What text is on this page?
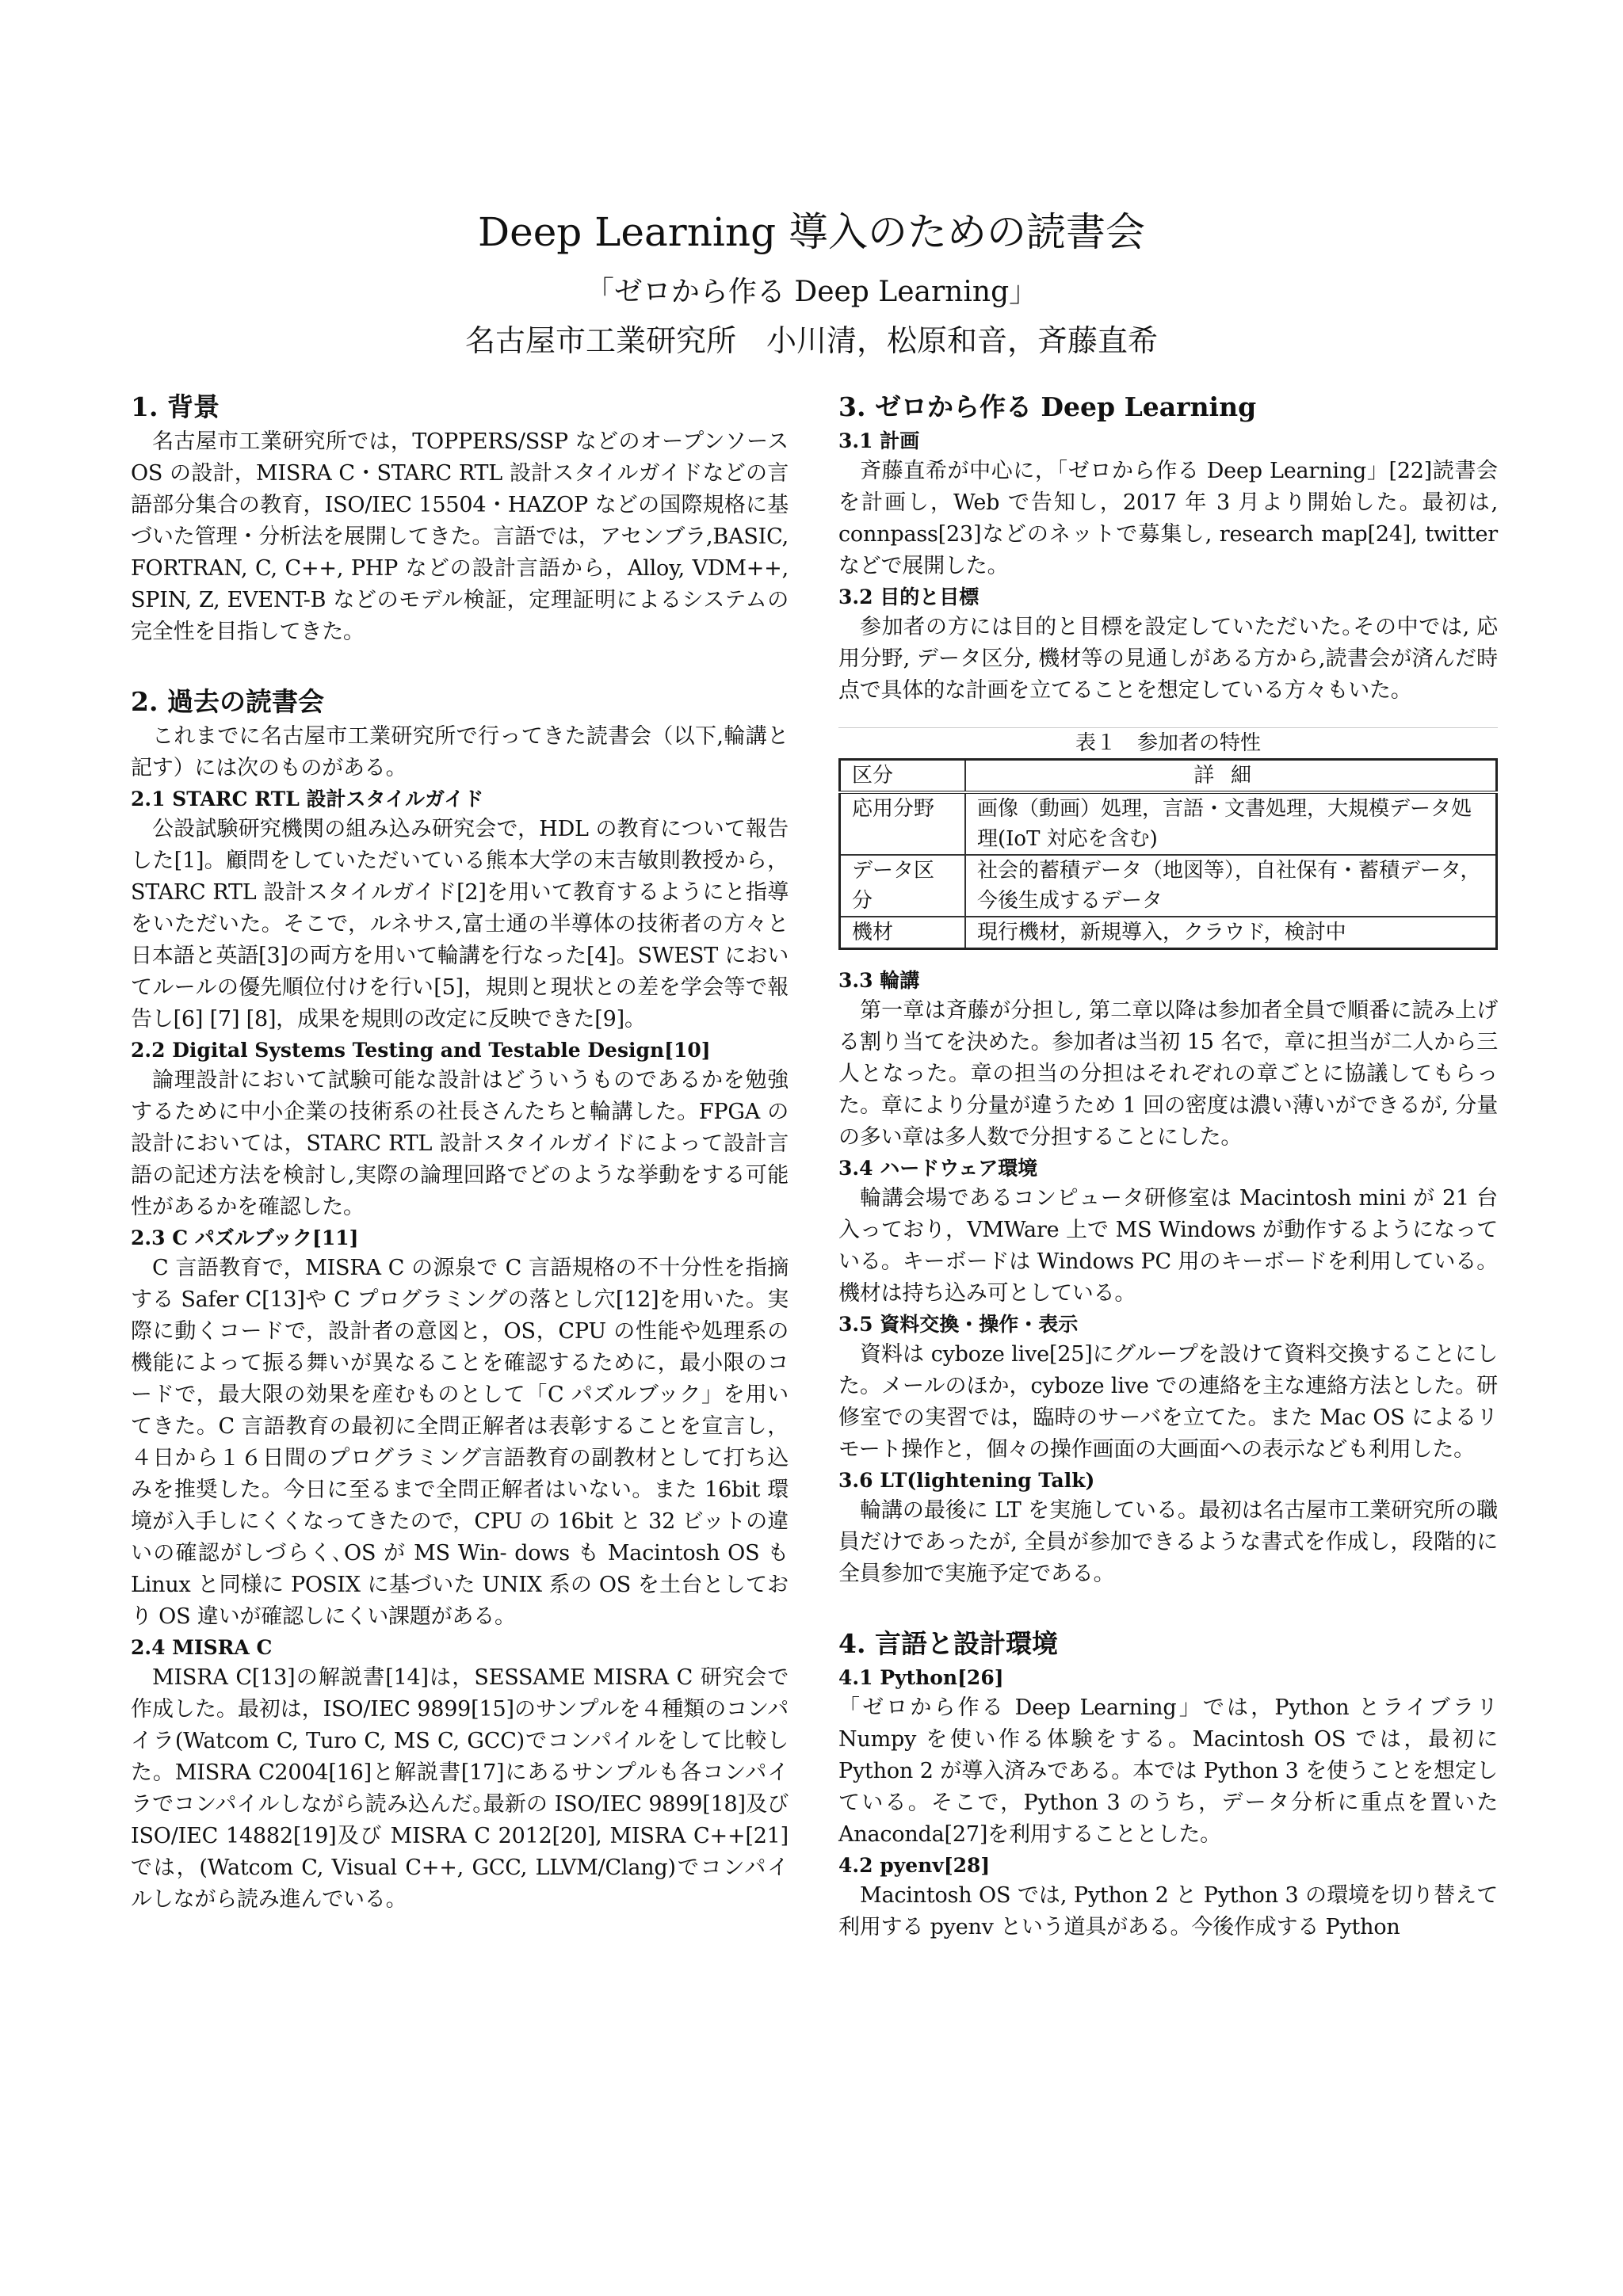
Deep Learning 導入のための読書会
「ゼロから作る Deep Learning」
名古屋市工業研究所　小川清，松原和音，斉藤直希
1. 背景

名古屋市工業研究所では，TOPPERS/SSP などのオープンソース OS の設計，MISRA C・STARC RTL 設計スタイルガイドなどの言語部分集合の教育，ISO/IEC 15504・HAZOP などの国際規格に基づいた管理・分析法を展開してきた。言語では，アセンブラ,BASIC, FORTRAN, C, C++, PHP などの設計言語から，Alloy, VDM++, SPIN, Z, EVENT-B などのモデル検証，定理証明によるシステムの完全性を目指してきた。

2. 過去の読書会

これまでに名古屋市工業研究所で行ってきた読書会（以下,輪講と記す）には次のものがある。

2.1 STARC RTL 設計スタイルガイド

公設試験研究機関の組み込み研究会で，HDL の教育について報告した[1]。顧問をしていただいている熊本大学の末吉敏則教授から，STARC RTL 設計スタイルガイド[2]を用いて教育するようにと指導をいただいた。そこで，ルネサス,富士通の半導体の技術者の方々と日本語と英語[3]の両方を用いて輪講を行なった[4]。SWEST においてルールの優先順位付けを行い[5]，規則と現状との差を学会等で報告し[6] [7] [8]，成果を規則の改定に反映できた[9]。

2.2 Digital Systems Testing and Testable Design[10]

論理設計において試験可能な設計はどういうものであるかを勉強するために中小企業の技術系の社長さんたちと輪講した。FPGA の設計においては，STARC RTL 設計スタイルガイドによって設計言語の記述方法を検討し,実際の論理回路でどのような挙動をする可能性があるかを確認した。

2.3 C パズルブック[11]

C 言語教育で，MISRA C の源泉で C 言語規格の不十分性を指摘する Safer C[13]や C プログラミングの落とし穴[12]を用いた。実際に動くコードで，設計者の意図と，OS，CPU の性能や処理系の機能によって振る舞いが異なることを確認するために，最小限のコードで，最大限の効果を産むものとして「C パズルブック」を用いてきた。C 言語教育の最初に全問正解者は表彰することを宣言し，４日から１６日間のプログラミング言語教育の副教材として打ち込みを推奨した。今日に至るまで全問正解者はいない。また 16bit 環境が入手しにくくなってきたので，CPU の 16bit と 32 ビットの違いの確認がしづらく､OS が MS Win- dows も Macintosh OS も Linux と同様に POSIX に基づいた UNIX 系の OS を土台としており OS 違いが確認しにくい課題がある。

2.4 MISRA C

MISRA C[13]の解説書[14]は，SESSAME MISRA C 研究会で作成した。最初は，ISO/IEC 9899[15]のサンプルを４種類のコンパイラ(Watcom C, Turo C, MS C, GCC)でコンパイルをして比較した。MISRA C2004[16]と解説書[17]にあるサンプルも各コンパイラでコンパイルしながら読み込んだ｡最新の ISO/IEC 9899[18]及び ISO/IEC 14882[19]及び MISRA C 2012[20], MISRA C++[21]では，(Watcom C, Visual C++, GCC, LLVM/Clang)でコンパイルしながら読み進んでいる。

3. ゼロから作る Deep Learning
3.1 計画

斉藤直希が中心に，「ゼロから作る Deep Learning」[22]読書会を計画し，Web で告知し，2017 年 3 月より開始した。最初は, connpass[23]などのネットで募集し, research map[24], twitter などで展開した。

3.2 目的と目標

参加者の方には目的と目標を設定していただいた｡その中では, 応用分野, データ区分, 機材等の見通しがある方から,読書会が済んだ時点で具体的な計画を立てることを想定している方々もいた。

表１　参加者の特性
区分	詳細
応用分野	画像（動画）処理，言語・文書処理，大規模データ処理(IoT 対応を含む)
データ区分	社会的蓄積データ（地図等），自社保有・蓄積データ，今後生成するデータ
機材	現行機材，新規導入，クラウド，検討中
3.3 輪講

第一章は斉藤が分担し, 第二章以降は参加者全員で順番に読み上げる割り当てを決めた。参加者は当初 15 名で，章に担当が二人から三人となった。章の担当の分担はそれぞれの章ごとに協議してもらった。章により分量が違うため 1 回の密度は濃い薄いができるが, 分量の多い章は多人数で分担することにした。

3.4 ハードウェア環境

輪講会場であるコンピュータ研修室は Macintosh mini が 21 台入っており，VMWare 上で MS Windows が動作するようになっている。キーボードは Windows PC 用のキーボードを利用している。機材は持ち込み可としている。

3.5 資料交換・操作・表示

資料は cyboze live[25]にグループを設けて資料交換することにした。メールのほか，cyboze live での連絡を主な連絡方法とした。研修室での実習では，臨時のサーバを立てた。また Mac OS によるリモート操作と，個々の操作画面の大画面への表示なども利用した。

3.6 LT(lightening Talk)

輪講の最後に LT を実施している。最初は名古屋市工業研究所の職員だけであったが, 全員が参加できるような書式を作成し，段階的に全員参加で実施予定である。

4. 言語と設計環境
4.1 Python[26]

「ゼロから作る Deep Learning」では，Python とライブラリ Numpy を使い作る体験をする。Macintosh OS では，最初に Python 2 が導入済みである。本では Python 3 を使うことを想定している。そこで，Python 3 のうち，データ分析に重点を置いた Anaconda[27]を利用することとした。

4.2 pyenv[28]

Macintosh OS では, Python 2 と Python 3 の環境を切り替えて利用する pyenv という道具がある。今後作成する Python
